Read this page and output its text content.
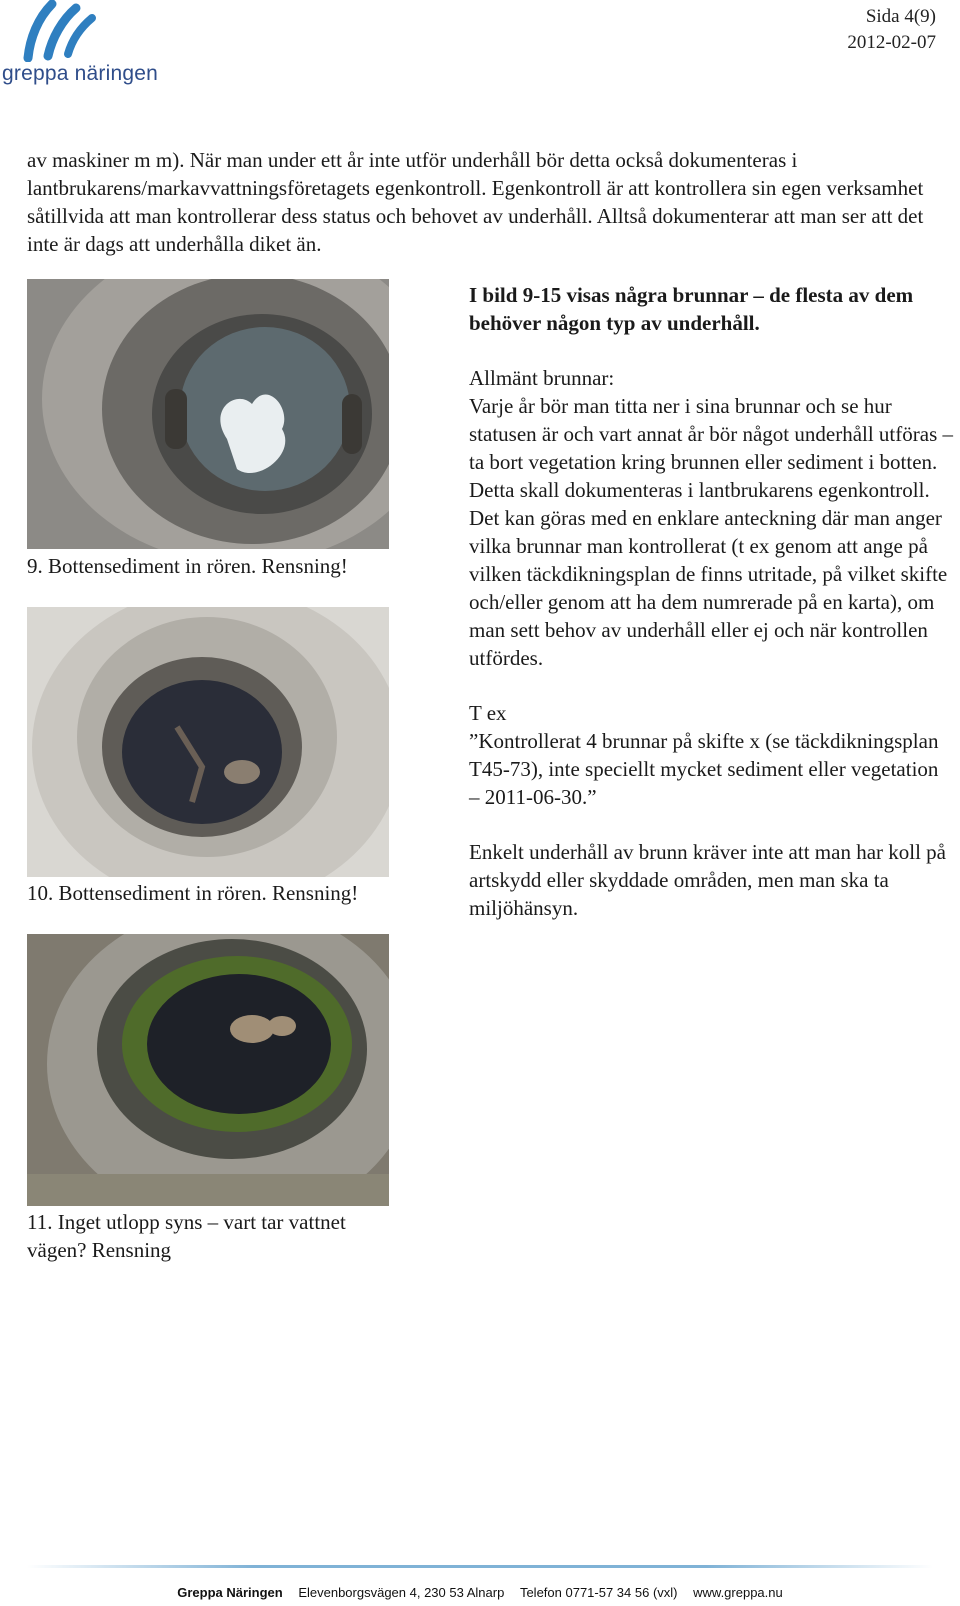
greppa näringen
Sida 4(9)
2012-02-07

av maskiner m m). När man under ett år inte utför underhåll bör detta också dokumenteras i lantbrukarens/markavvattningsföretagets egenkontroll. Egenkontroll är att kontrollera sin egen verksamhet såtillvida att man kontrollerar dess status och behovet av underhåll. Alltså dokumenterar att man ser att det inte är dags att underhålla diket än.

9. Bottensediment in rören. Rensning!

10. Bottensediment in rören. Rensning!

11. Inget utlopp syns – vart tar vattnet vägen? Rensning

I bild 9-15 visas några brunnar – de flesta av dem behöver någon typ av underhåll.

Allmänt brunnar:

Varje år bör man titta ner i sina brunnar och se hur statusen är och vart annat år bör något underhåll utföras – ta bort vegetation kring brunnen eller sediment i botten.

Detta skall dokumenteras i lantbrukarens egenkontroll. Det kan göras med en enklare anteckning där man anger vilka brunnar man kontrollerat (t ex genom att ange på vilken täckdikningsplan de finns utritade, på vilket skifte och/eller genom att ha dem numrerade på en karta), om man sett behov av underhåll eller ej och när kontrollen utfördes.

T ex

”Kontrollerat 4 brunnar på skifte x (se täckdikningsplan T45-73), inte speciellt mycket sediment eller vegetation – 2011-06-30.”

Enkelt underhåll av brunn kräver inte att man har koll på artskydd eller skyddade områden, men man ska ta miljöhänsyn.

Greppa Näringen Elevenborgsvägen 4, 230 53 Alnarp Telefon 0771-57 34 56 (vxl) www.greppa.nu
